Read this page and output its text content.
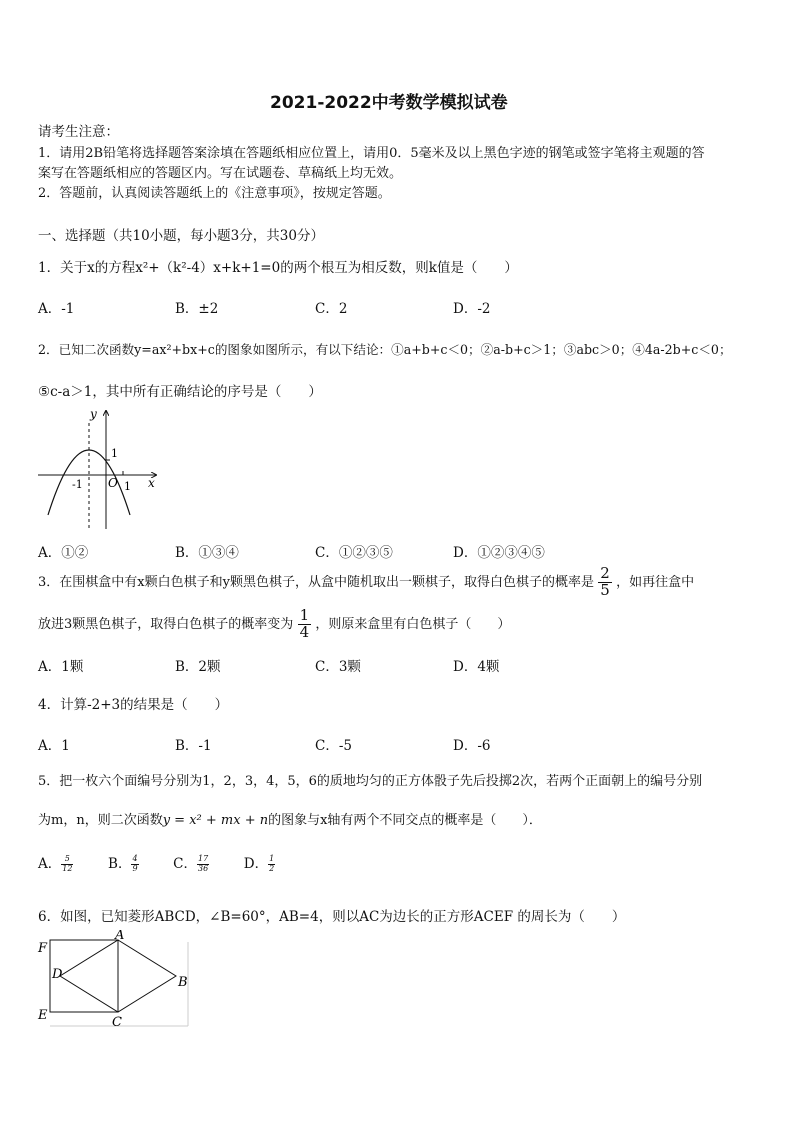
2021-2022中考数学模拟试卷
请考生注意：
1．请用2B铅笔将选择题答案涂填在答题纸相应位置上，请用0．5毫米及以上黑色字迹的钢笔或签字笔将主观题的答
案写在答题纸相应的答题区内。写在试题卷、草稿纸上均无效。
2．答题前，认真阅读答题纸上的《注意事项》，按规定答题。
一、选择题（共10小题，每小题3分，共30分）
1．关于x的方程x²+（k²-4）x+k+1=0的两个根互为相反数，则k值是（　　）
A．-1	B．±2	C．2	D．-2
2．已知二次函数y=ax²+bx+c的图象如图所示，有以下结论：①a+b+c＜0；②a-b+c＞1；③abc＞0；④4a-2b+c＜0；
⑤c-a＞1，其中所有正确结论的序号是（　　）
y
x
O
1
-1	1
A．①②	B．①③④	C．①②③⑤	D．①②③④⑤
3．在围棋盒中有x颗白色棋子和y颗黑色棋子，从盒中随机取出一颗棋子，取得白色棋子的概率是 $\frac{2}{5}$ ，如再往盒中
放进3颗黑色棋子，取得白色棋子的概率变为 $\frac{1}{4}$ ，则原来盒里有白色棋子（　　）
A．1颗	B．2颗	C．3颗	D．4颗
4．计算-2+3的结果是（　　）
A．1	B．-1	C．-5	D．-6
5．把一枚六个面编号分别为1，2，3，4，5，6的质地均匀的正方体骰子先后投掷2次，若两个正面朝上的编号分别
为m，n，则二次函数y = x² + mx + n的图象与x轴有两个不同交点的概率是（　　）．
A． $\frac{5}{12}$	B． $\frac{4}{9}$	C． $\frac{17}{36}$	D． $\frac{1}{2}$
6．如图，已知菱形ABCD，∠B=60°，AB=4，则以AC为边长的正方形ACEF 的周长为（　　）
F
A
D
B
E	C
